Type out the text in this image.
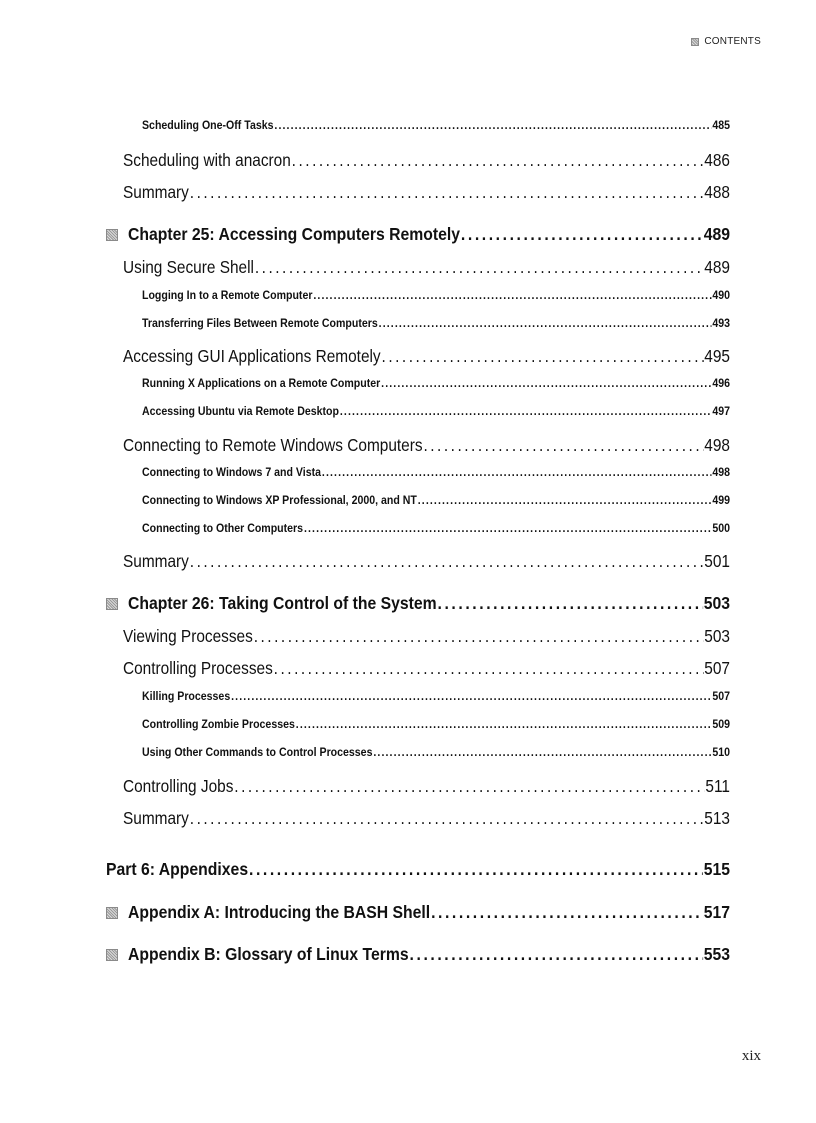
CONTENTS
Scheduling One-Off Tasks . . .	485
Scheduling with anacron . . .	486
Summary . . .	488
Chapter 25: Accessing Computers Remotely . . .	489
Using Secure Shell . . .	489
Logging In to a Remote Computer . . .	490
Transferring Files Between Remote Computers . . .	493
Accessing GUI Applications Remotely . . .	495
Running X Applications on a Remote Computer . . .	496
Accessing Ubuntu via Remote Desktop . . .	497
Connecting to Remote Windows Computers . . .	498
Connecting to Windows 7 and Vista . . .	498
Connecting to Windows XP Professional, 2000, and NT . . .	499
Connecting to Other Computers . . .	500
Summary . . .	501
Chapter 26: Taking Control of the System . . .	503
Viewing Processes . . .	503
Controlling Processes . . .	507
Killing Processes . . .	507
Controlling Zombie Processes . . .	509
Using Other Commands to Control Processes . . .	510
Controlling Jobs . . .	511
Summary . . .	513
Part 6: Appendixes . . .	515
Appendix A: Introducing the BASH Shell . . .	517
Appendix B: Glossary of Linux Terms . . .	553
xix
